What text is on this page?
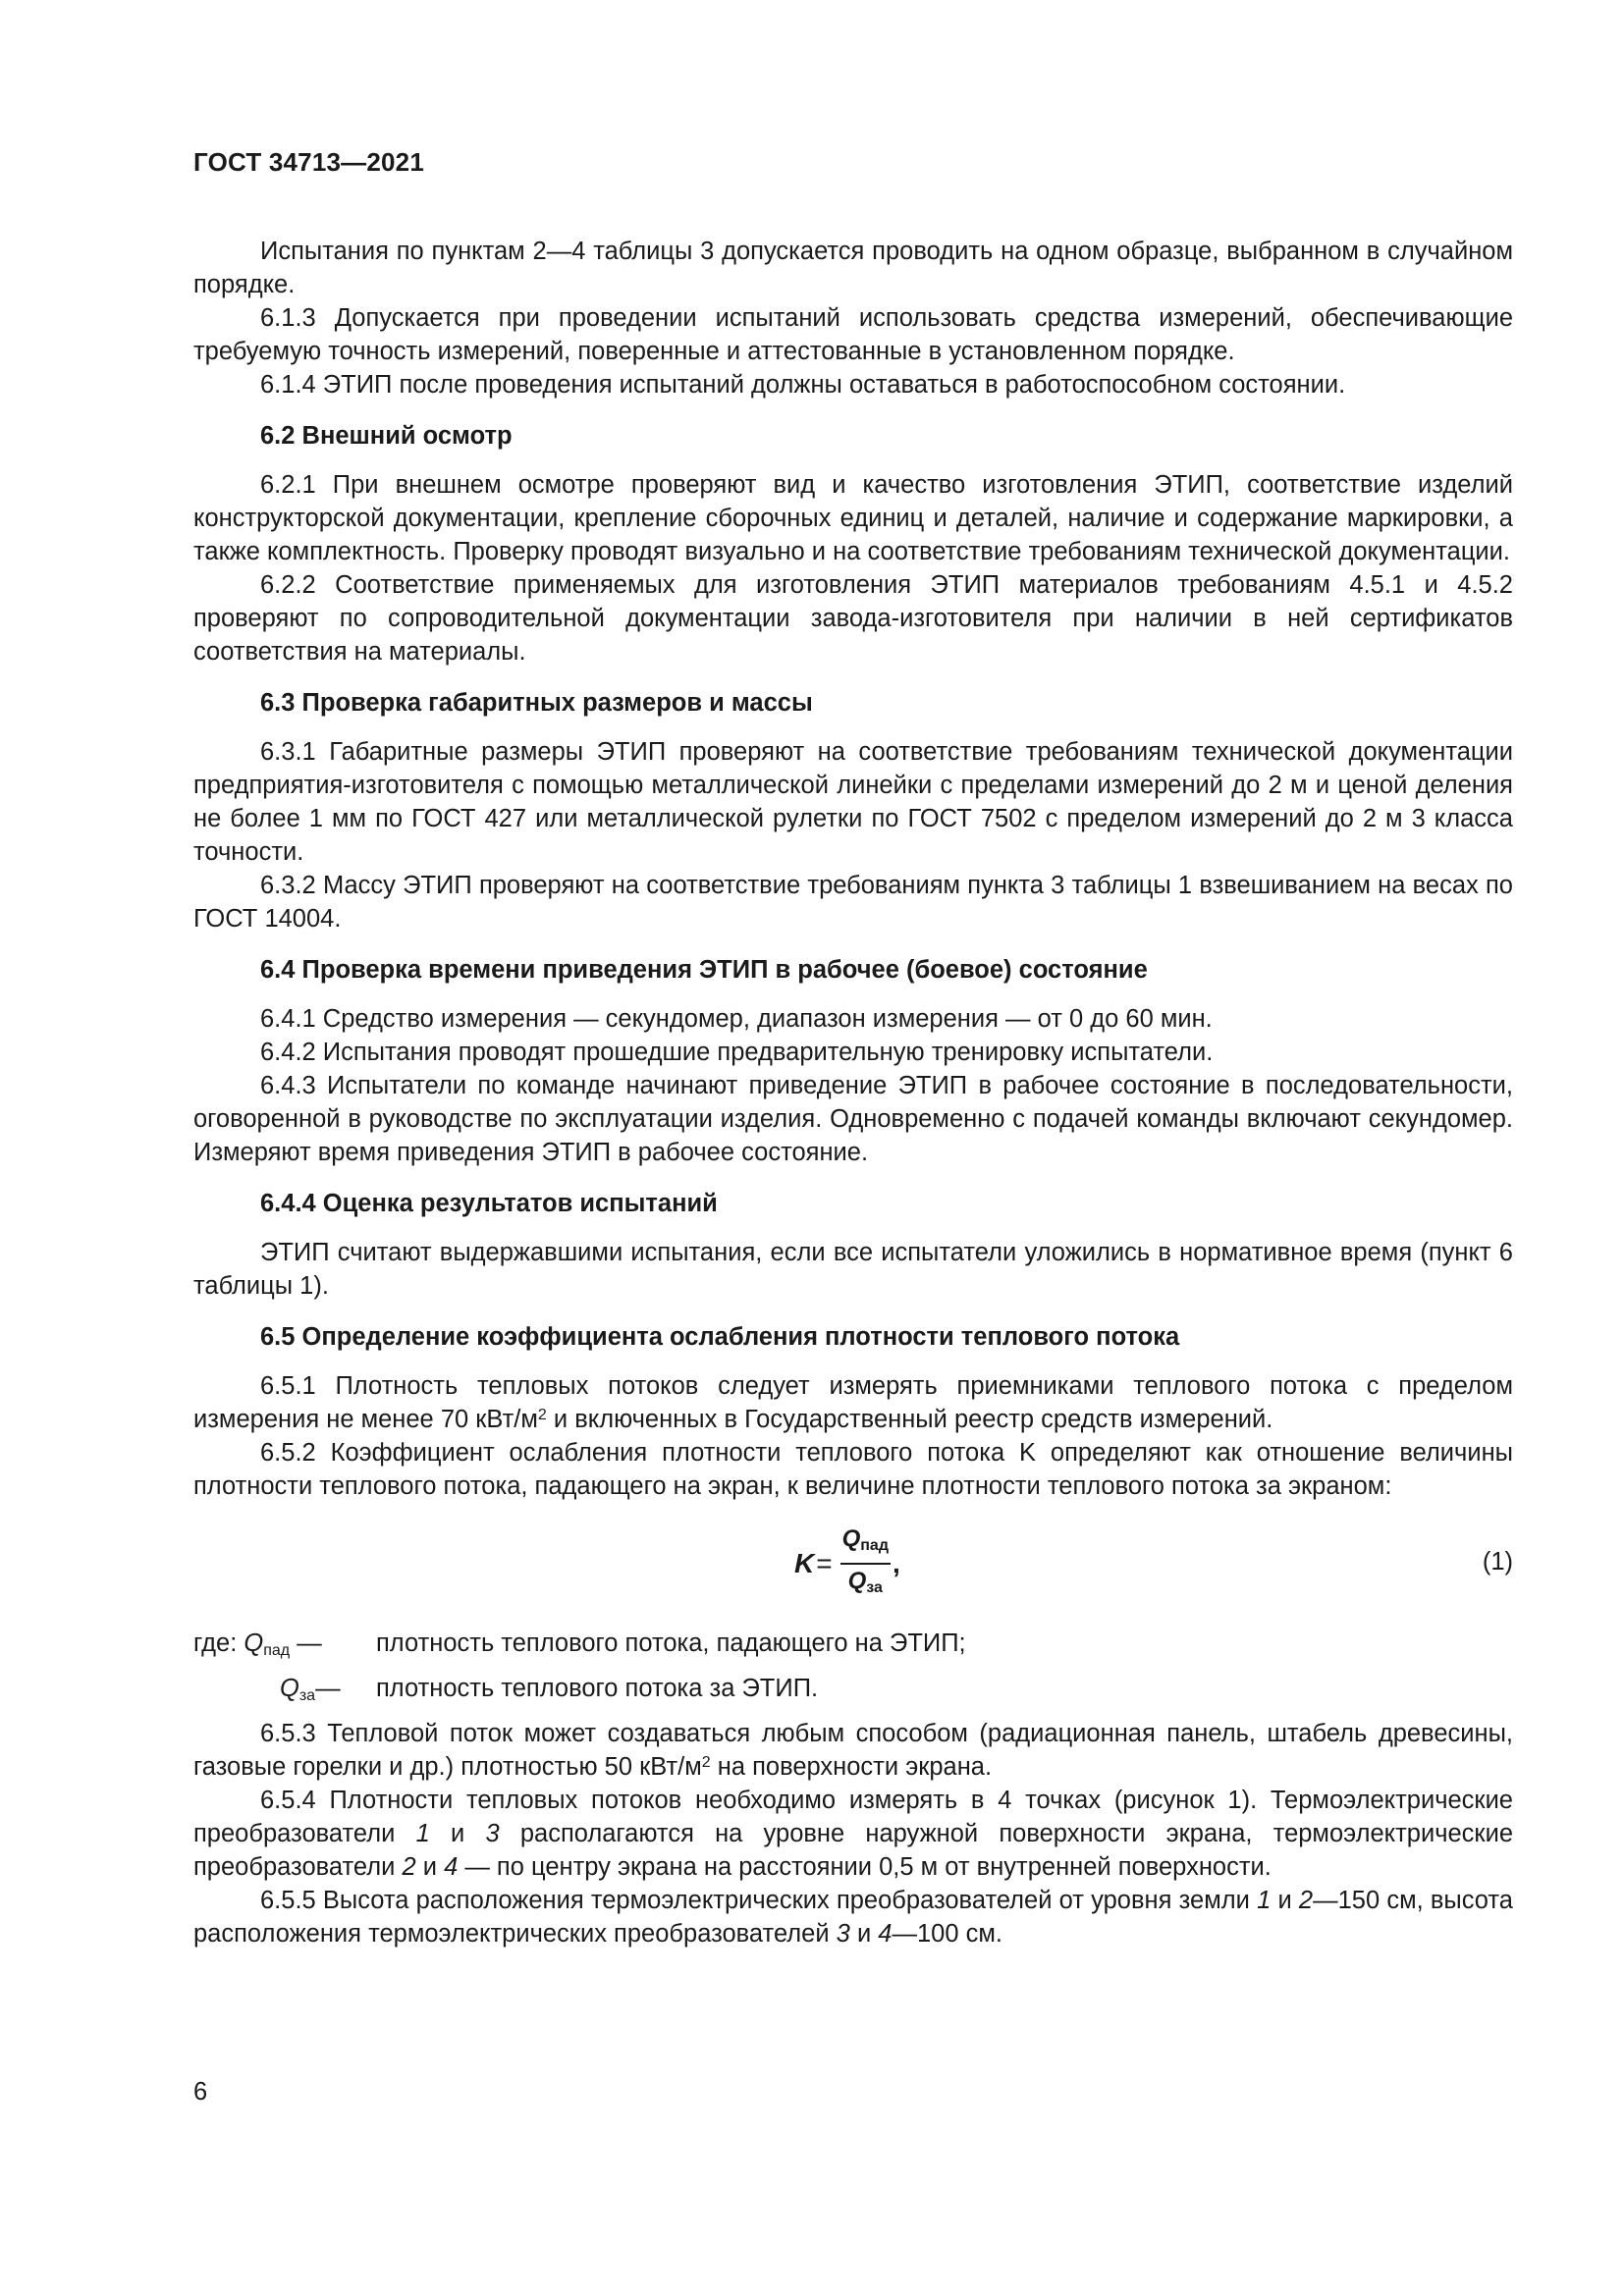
ГОСТ 34713—2021

Испытания по пунктам 2—4 таблицы 3 допускается проводить на одном образце, выбранном в случайном порядке.

6.1.3 Допускается при проведении испытаний использовать средства измерений, обеспечивающие требуемую точность измерений, поверенные и аттестованные в установленном порядке.

6.1.4 ЭТИП после проведения испытаний должны оставаться в работоспособном состоянии.

6.2 Внешний осмотр

6.2.1 При внешнем осмотре проверяют вид и качество изготовления ЭТИП, соответствие изделий конструкторской документации, крепление сборочных единиц и деталей, наличие и содержание маркировки, а также комплектность. Проверку проводят визуально и на соответствие требованиям технической документации.

6.2.2 Соответствие применяемых для изготовления ЭТИП материалов требованиям 4.5.1 и 4.5.2 проверяют по сопроводительной документации завода-изготовителя при наличии в ней сертификатов соответствия на материалы.

6.3 Проверка габаритных размеров и массы

6.3.1 Габаритные размеры ЭТИП проверяют на соответствие требованиям технической документации предприятия-изготовителя с помощью металлической линейки с пределами измерений до 2 м и ценой деления не более 1 мм по ГОСТ 427 или металлической рулетки по ГОСТ 7502 с пределом измерений до 2 м 3 класса точности.

6.3.2 Массу ЭТИП проверяют на соответствие требованиям пункта 3 таблицы 1 взвешиванием на весах по ГОСТ 14004.

6.4 Проверка времени приведения ЭТИП в рабочее (боевое) состояние

6.4.1 Средство измерения — секундомер, диапазон измерения — от 0 до 60 мин.

6.4.2 Испытания проводят прошедшие предварительную тренировку испытатели.

6.4.3 Испытатели по команде начинают приведение ЭТИП в рабочее состояние в последовательности, оговоренной в руководстве по эксплуатации изделия. Одновременно с подачей команды включают секундомер. Измеряют время приведения ЭТИП в рабочее состояние.

6.4.4 Оценка результатов испытаний

ЭТИП считают выдержавшими испытания, если все испытатели уложились в нормативное время (пункт 6 таблицы 1).

6.5 Определение коэффициента ослабления плотности теплового потока

6.5.1 Плотность тепловых потоков следует измерять приемниками теплового потока с пределом измерения не менее 70 кВт/$м^2$ и включенных в Государственный реестр средств измерений.

6.5.2 Коэффициент ослабления плотности теплового потока K определяют как отношение величины плотности теплового потока, падающего на экран, к величине плотности теплового потока за экраном:

$K = \frac{Q_{пад}}{Q_{за}}$ ,	(1)
где: $Q_{пад}$ —	плотность теплового потока, падающего на ЭТИП;
$Q_{за}—$	плотность теплового потока за ЭТИП.

6.5.3 Тепловой поток может создаваться любым способом (радиационная панель, штабель древесины, газовые горелки и др.) плотностью 50 кВт/$м^2$ на поверхности экрана.

6.5.4 Плотности тепловых потоков необходимо измерять в 4 точках (рисунок 1). Термоэлектрические преобразователи 1 и 3 располагаются на уровне наружной поверхности экрана, термоэлектрические преобразователи 2 и 4 — по центру экрана на расстоянии 0,5 м от внутренней поверхности.

6.5.5 Высота расположения термоэлектрических преобразователей от уровня земли 1 и 2—150 см, высота расположения термоэлектрических преобразователей 3 и 4—100 см.

6
